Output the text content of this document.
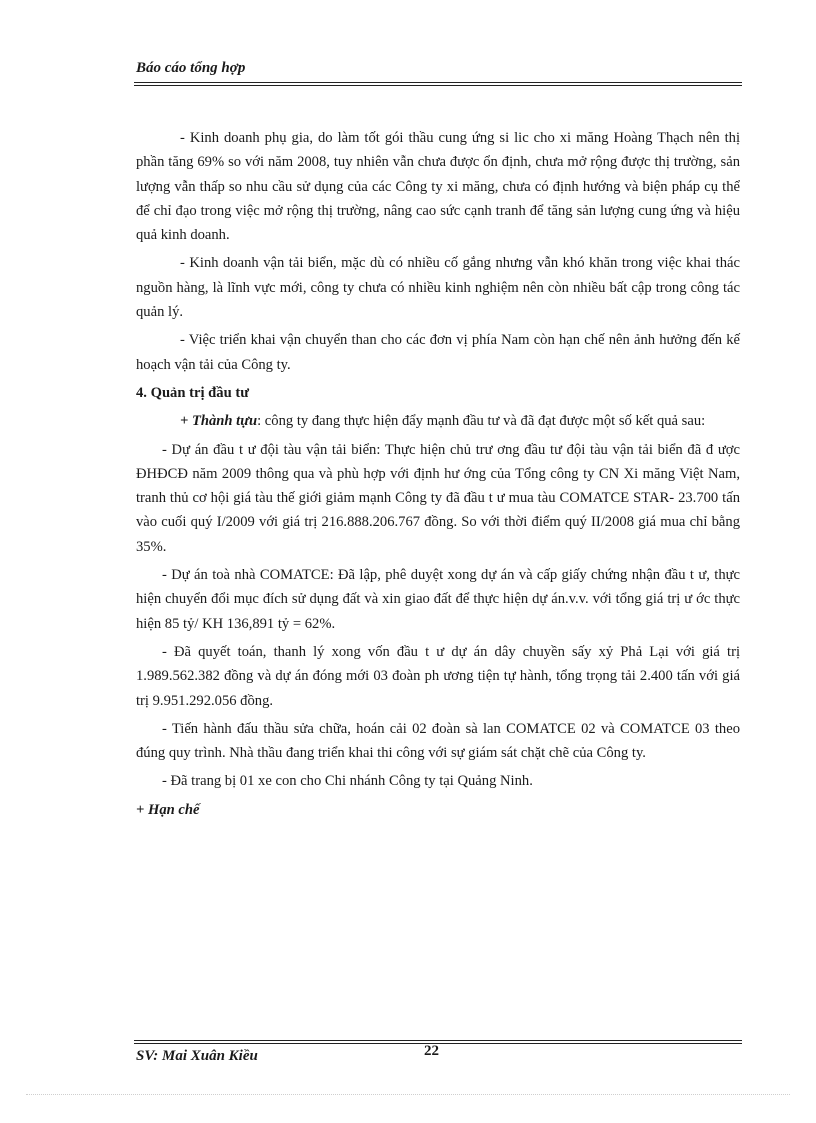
Báo cáo tổng hợp

- Kinh doanh phụ gia, do làm tốt gói thầu cung ứng si lic cho xi măng Hoàng Thạch nên thị phần tăng 69% so với năm 2008, tuy nhiên vẫn chưa được ổn định, chưa mở rộng được thị trường, sản lượng vẫn thấp so nhu cầu sử dụng của các Công ty xi măng, chưa có định hướng và biện pháp cụ thể để chỉ đạo trong việc mở rộng thị trường, nâng cao sức cạnh tranh để tăng sản lượng cung ứng và hiệu quả kinh doanh.

- Kinh doanh vận tải biển, mặc dù có nhiều cố gắng nhưng vẫn khó khăn trong việc khai thác nguồn hàng, là lĩnh vực mới, công ty chưa có nhiều kinh nghiệm nên còn nhiều bất cập trong công tác quản lý.

- Việc triển khai vận chuyển than cho các đơn vị phía Nam còn hạn chế nên ảnh hưởng đến kế hoạch vận tải của Công ty.

4. Quản trị đầu tư

+ Thành tựu: công ty đang thực hiện đẩy mạnh đầu tư và đã đạt được một số kết quả sau:

- Dự án đầu t ư đội tàu vận tải biển: Thực hiện chủ trư ơng đầu tư đội tàu vận tải biển đã đ ược ĐHĐCĐ năm 2009 thông qua và phù hợp với định hư ớng của Tổng công ty CN Xi măng Việt Nam, tranh thủ cơ hội giá tàu thế giới giảm mạnh Công ty đã đầu t ư mua tàu COMATCE STAR- 23.700 tấn vào cuối quý I/2009 với giá trị 216.888.206.767 đồng. So với thời điểm quý II/2008 giá mua chỉ bằng 35%.

- Dự án toà nhà COMATCE: Đã lập, phê duyệt xong dự án và cấp giấy chứng nhận đầu t ư, thực hiện chuyển đổi mục đích sử dụng đất và xin giao đất để thực hiện dự án.v.v. với tổng giá trị ư ớc thực hiện 85 tỷ/ KH 136,891 tỷ = 62%.

- Đã quyết toán, thanh lý xong vốn đầu t ư dự án dây chuyền sấy xỷ Phả Lại với giá trị 1.989.562.382 đồng và dự án đóng mới 03 đoàn ph ương tiện tự hành, tổng trọng tải 2.400 tấn với giá trị 9.951.292.056 đồng.

- Tiến hành đấu thầu sửa chữa, hoán cải 02 đoàn sà lan COMATCE 02 và COMATCE 03 theo đúng quy trình. Nhà thầu đang triển khai thi công với sự giám sát chặt chẽ của Công ty.

- Đã trang bị 01 xe con cho Chi nhánh Công ty tại Quảng Ninh.

+ Hạn chế

SV: Mai Xuân Kiều	22
